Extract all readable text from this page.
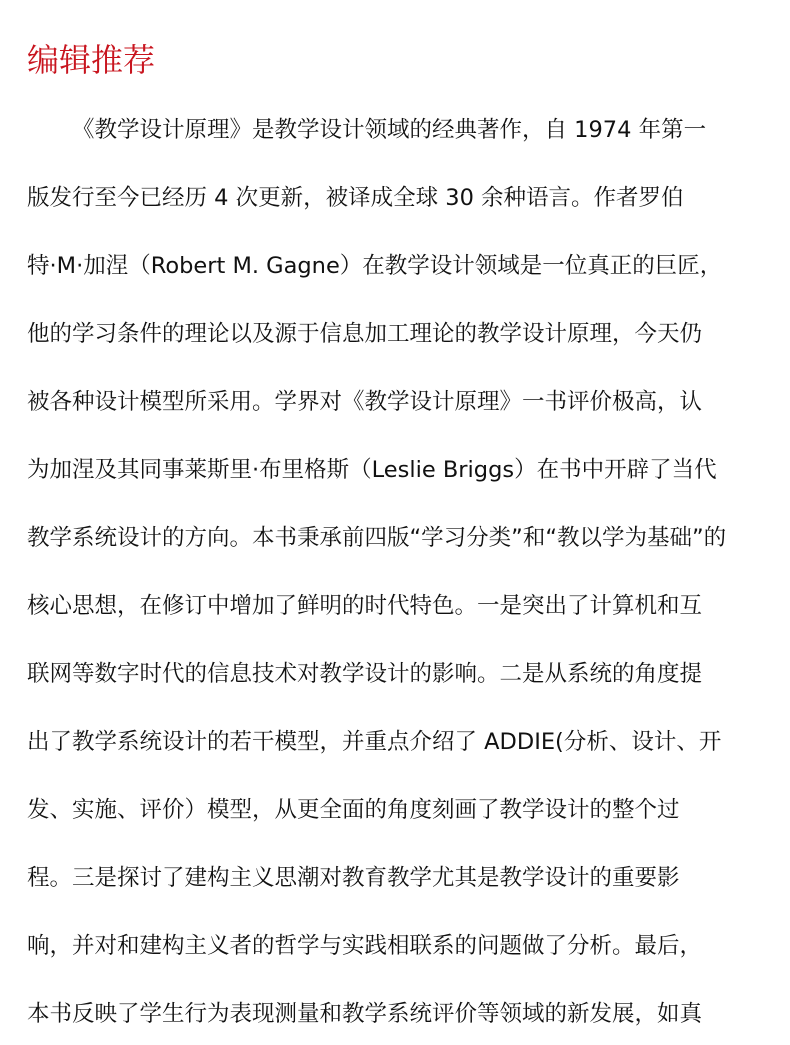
编辑推荐

《教学设计原理》是教学设计领域的经典著作，自 1974 年第一

版发行至今已经历 4 次更新，被译成全球 30 余种语言。作者罗伯

特·M·加涅（Robert M. Gagne）在教学设计领域是一位真正的巨匠，

他的学习条件的理论以及源于信息加工理论的教学设计原理，今天仍

被各种设计模型所采用。学界对《教学设计原理》一书评价极高，认

为加涅及其同事莱斯里·布里格斯（Leslie Briggs）在书中开辟了当代

教学系统设计的方向。本书秉承前四版“学习分类”和“教以学为基础”的

核心思想，在修订中增加了鲜明的时代特色。一是突出了计算机和互

联网等数字时代的信息技术对教学设计的影响。二是从系统的角度提

出了教学系统设计的若干模型，并重点介绍了 ADDIE(分析、设计、开

发、实施、评价）模型，从更全面的角度刻画了教学设计的整个过

程。三是探讨了建构主义思潮对教育教学尤其是教学设计的重要影

响，并对和建构主义者的哲学与实践相联系的问题做了分析。最后，

本书反映了学生行为表现测量和教学系统评价等领域的新发展，如真
